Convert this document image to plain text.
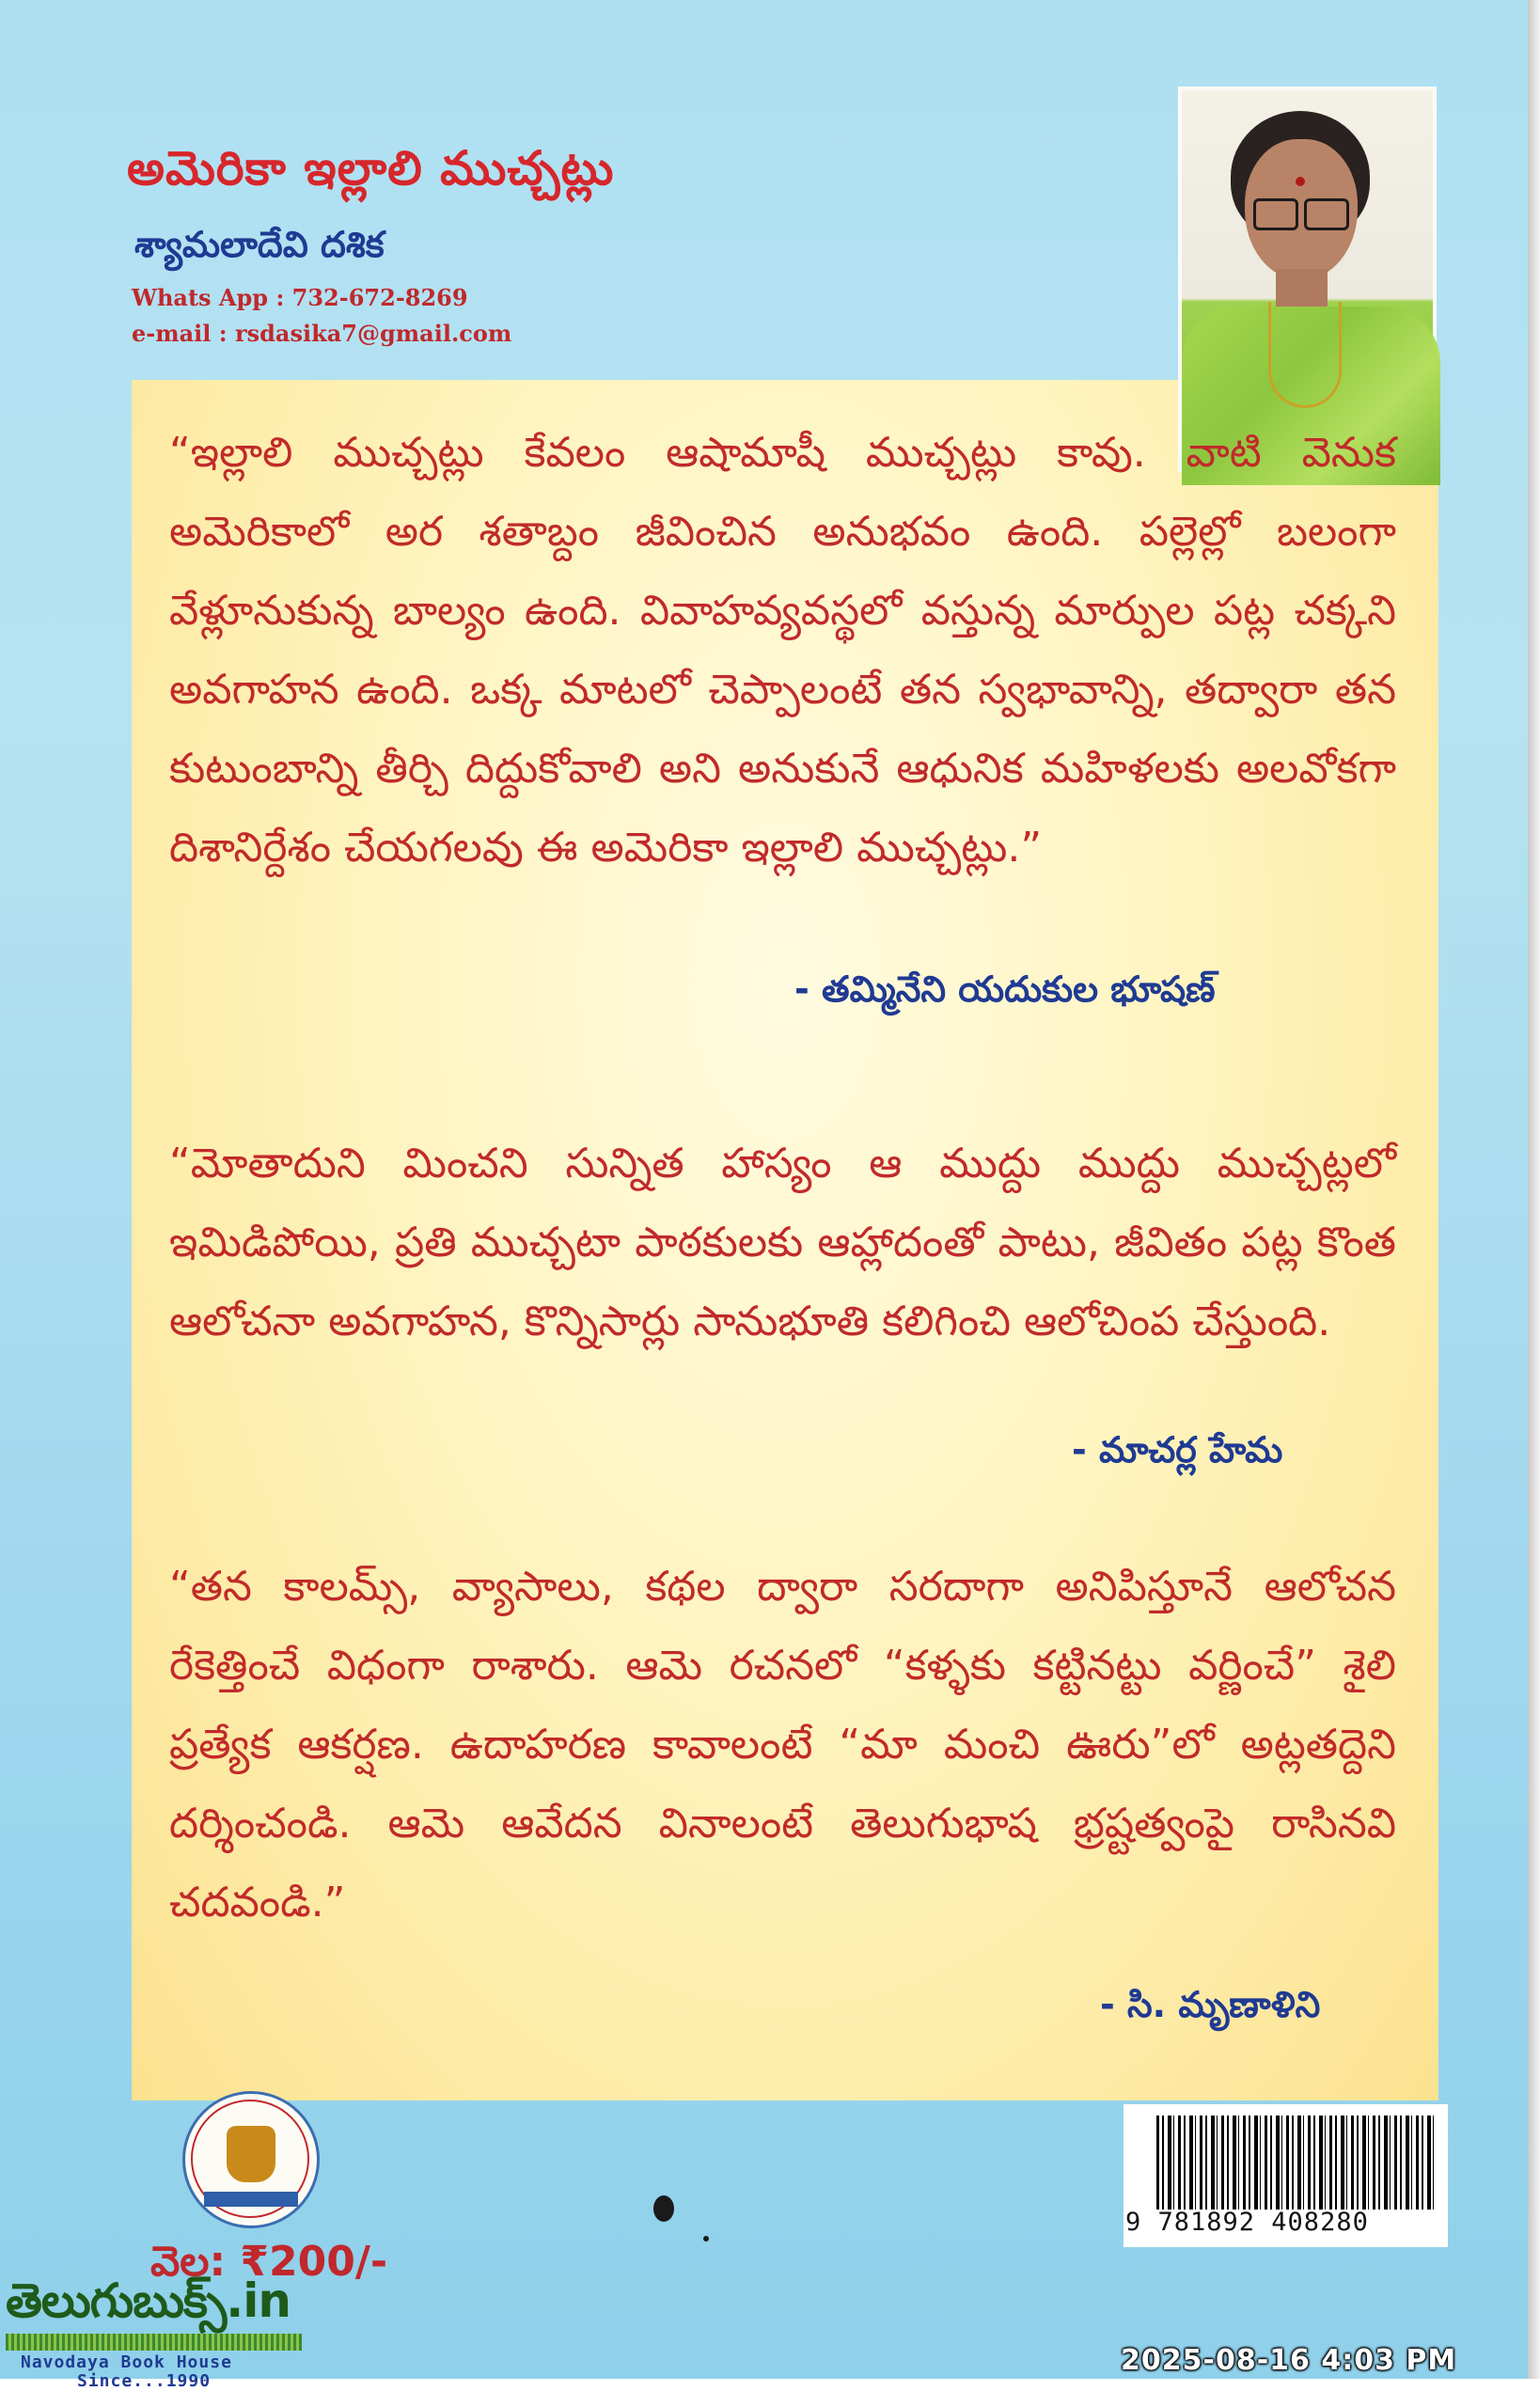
అమెరికా ఇల్లాలి ముచ్చట్లు
శ్యామలాదేవి దశిక
Whats App : 732-672-8269
e-mail : rsdasika7@gmail.com

“ఇల్లాలి ముచ్చట్లు కేవలం ఆషామాషీ ముచ్చట్లు కావు. వాటి వెనుక అమెరికాలో అర శతాబ్దం జీవించిన అనుభవం ఉంది. పల్లెల్లో బలంగా వేళ్లూనుకున్న బాల్యం ఉంది. వివాహవ్యవస్థలో వస్తున్న మార్పుల పట్ల చక్కని అవగాహన ఉంది. ఒక్క మాటలో చెప్పాలంటే తన స్వభావాన్ని, తద్వారా తన కుటుంబాన్ని తీర్చి దిద్దుకోవాలి అని అనుకునే ఆధునిక మహిళలకు అలవోకగా దిశానిర్దేశం చేయగలవు ఈ అమెరికా ఇల్లాలి ముచ్చట్లు.”

- తమ్మినేని యదుకుల భూషణ్

“మోతాదుని మించని సున్నిత హాస్యం ఆ ముద్దు ముద్దు ముచ్చట్లలో ఇమిడిపోయి, ప్రతి ముచ్చటా పాఠకులకు ఆహ్లాదంతో పాటు, జీవితం పట్ల కొంత ఆలోచనా అవగాహన, కొన్నిసార్లు సానుభూతి కలిగించి ఆలోచింప చేస్తుంది.

- మాచర్ల హేమ

“తన కాలమ్స్, వ్యాసాలు, కథల ద్వారా సరదాగా అనిపిస్తూనే ఆలోచన రేకెత్తించే విధంగా రాశారు. ఆమె రచనలో “కళ్ళకు కట్టినట్టు వర్ణించే” శైలి ప్రత్యేక ఆకర్షణ. ఉదాహరణ కావాలంటే “మా మంచి ఊరు”లో అట్లతద్దెని దర్శించండి. ఆమె ఆవేదన వినాలంటే తెలుగుభాష భ్రష్టత్వంపై రాసినవి చదవండి.”

- సి. మృణాళిని
9 781892 408280
వెల: ₹200/-
తెలుగుబుక్స్.in
Navodaya Book House
Since...1990
2025-08-16 4:03 PM
